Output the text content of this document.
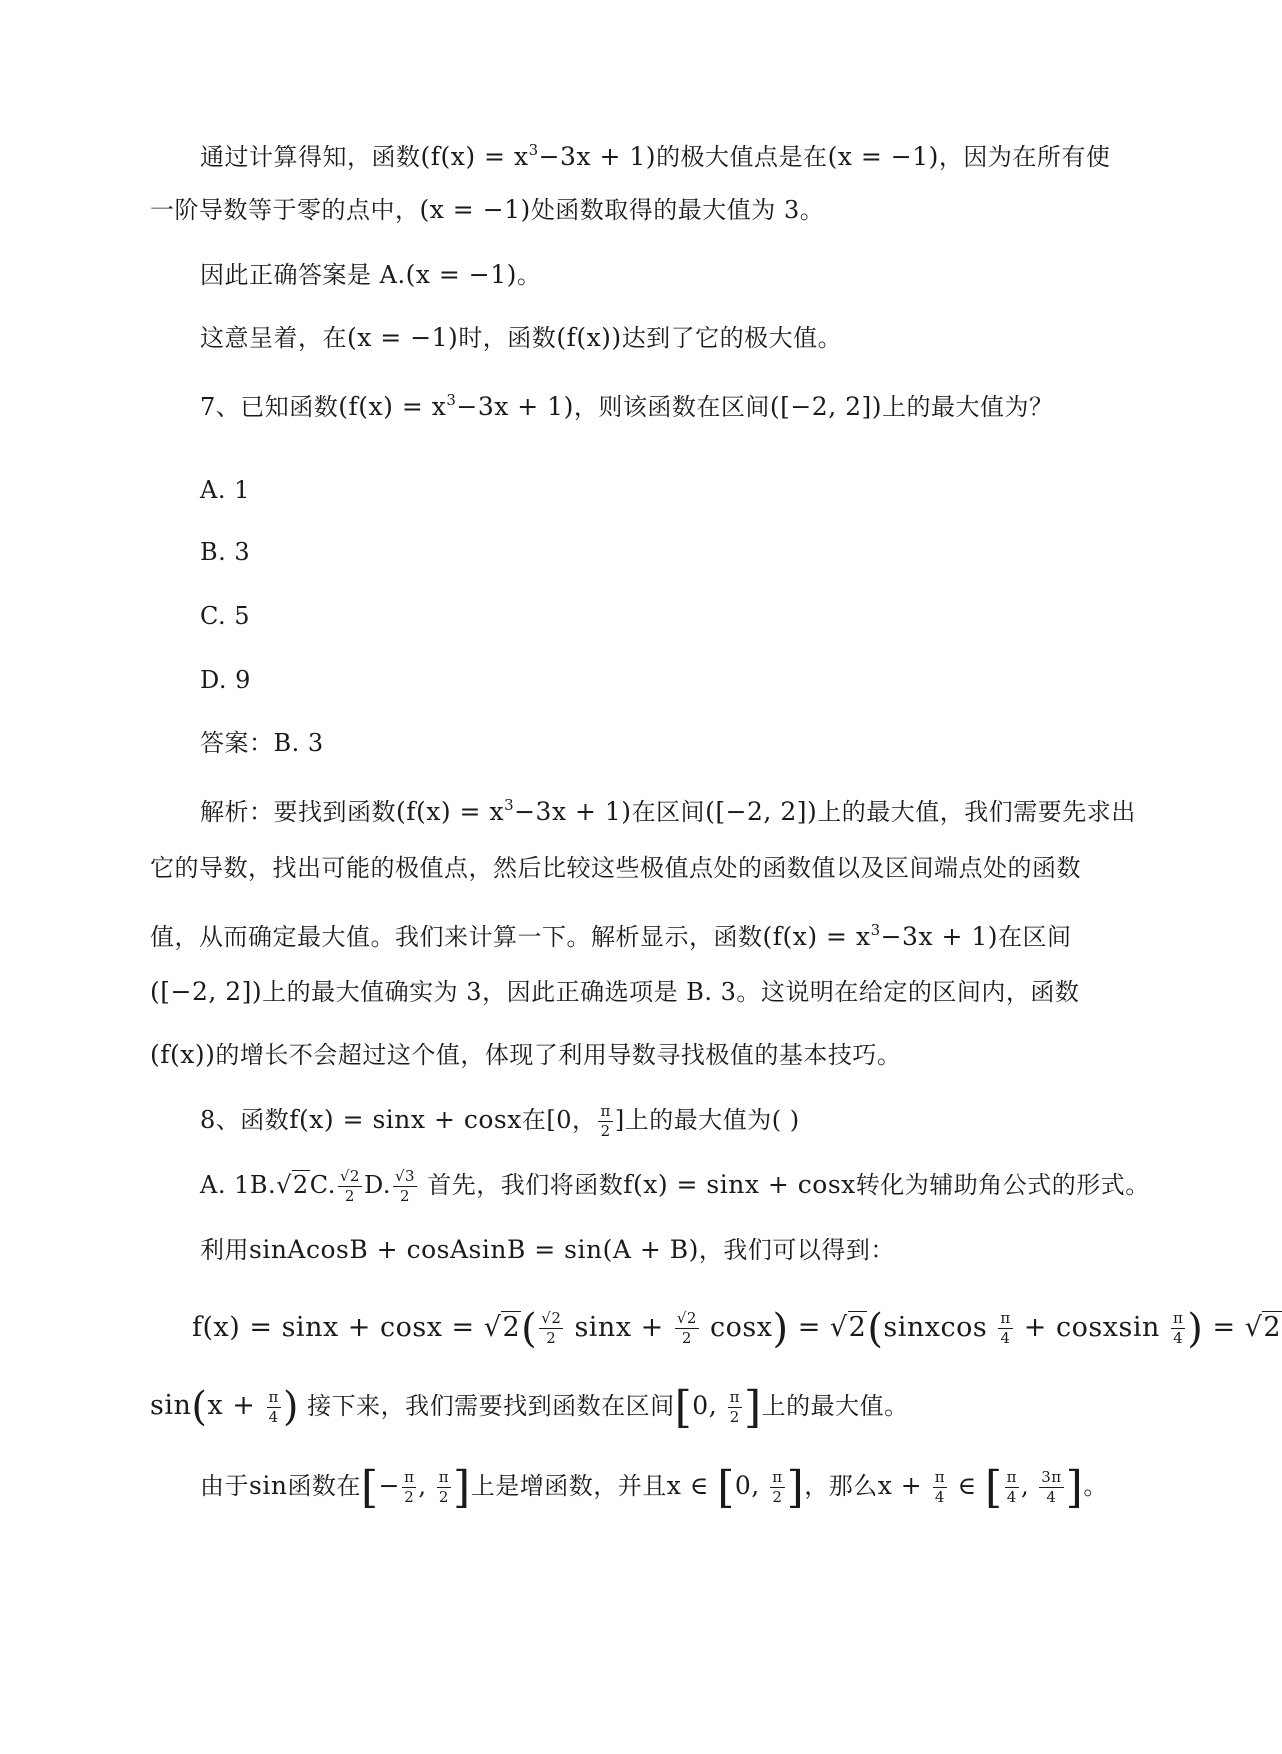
通过计算得知，函数$(f(x) = x^3-3x + 1)$的极大值点是在(x = −1)，因为在所有使
一阶导数等于零的点中，(x = −1)处函数取得的最大值为 3。
因此正确答案是 A.(x = −1)。
这意呈着，在(x = −1)时，函数(f(x))达到了它的极大值。
7、已知函数$(f(x) = x^3-3x + 1)$，则该函数在区间([−2, 2])上的最大值为？
A. 1
B. 3
C. 5
D. 9
答案：B. 3
解析：要找到函数$(f(x) = x^3-3x + 1)$在区间([−2, 2])上的最大值，我们需要先求出
它的导数，找出可能的极值点，然后比较这些极值点处的函数值以及区间端点处的函数
值，从而确定最大值。我们来计算一下。解析显示，函数$(f(x) = x^3-3x + 1)$在区间
([−2, 2])上的最大值确实为 3，因此正确选项是 B. 3。这说明在给定的区间内，函数
(f(x))的增长不会超过这个值，体现了利用导数寻找极值的基本技巧。
8、函数f(x) = sinx + cosx在[0， $\frac{\pi}{2}$ ]上的最大值为( )
A. 1B.√2C. $\frac{√2}{2} D$. $\frac{√3}{2}$ 首先，我们将函数f(x) = sinx + cosx转化为辅助角公式的形式。
利用sinAcosB + cosAsinB = sin(A + B)，我们可以得到：
$f(x) = \sin x + \cos x = √2( \frac{√2}{2}$ $\sin x + \frac{√2}{2} \cos x$) = √2(sinxcos $\frac{\pi}{4}$ + cosxsin $\frac{\pi}{4}$ ) = √2
$\sin(x + \frac{\pi}{4}$ ) 接下来，我们需要找到函数在区间[0, $\frac{\pi}{2}$ ]上的最大值。
由于sin函数在[− $\frac{\pi}{2}$ , $\frac{\pi}{2}$ ]上是增函数，并且x ∈ [0, $\frac{\pi}{2}$ ]，那么$x + \frac{\pi}{4}$ ∈ [ $\frac{\pi}{4}$ , $\frac{3\pi}{4}$ ]。
